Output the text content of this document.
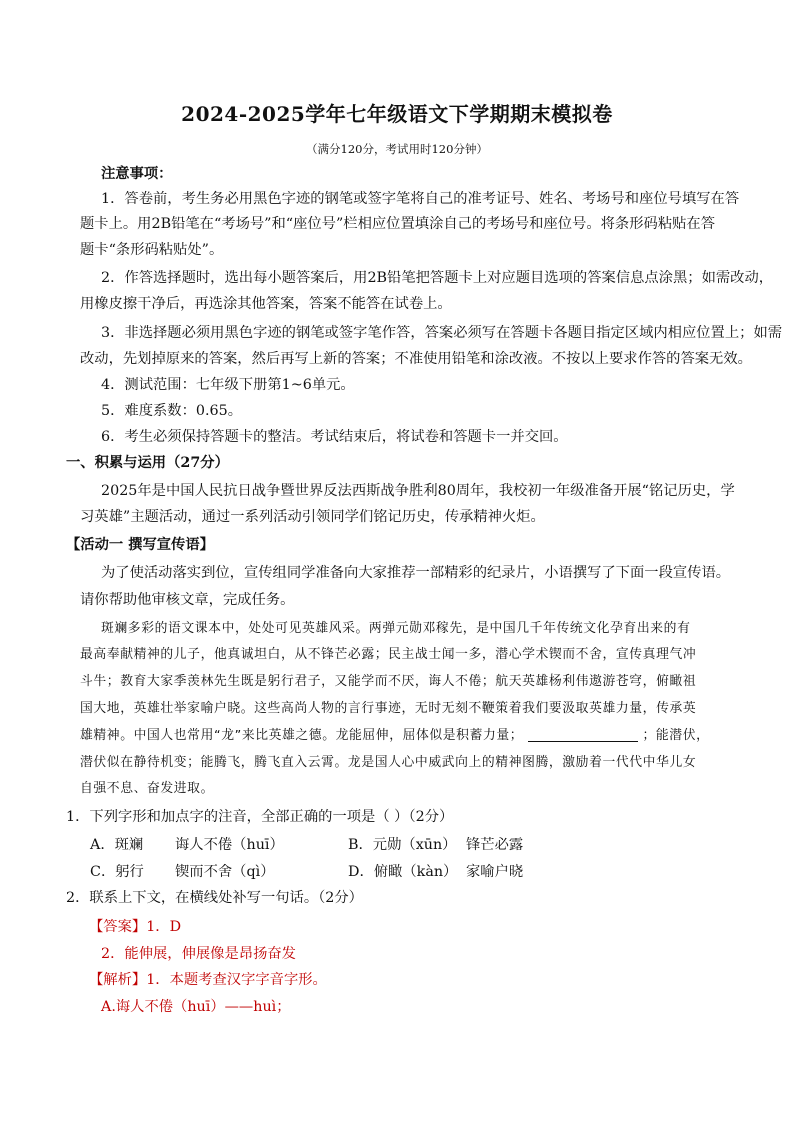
2024-2025学年七年级语文下学期期末模拟卷
（满分120分，考试用时120分钟）
注意事项：
1．答卷前，考生务必用黑色字迹的钢笔或签字笔将自己的准考证号、姓名、考场号和座位号填写在答
题卡上。用2B铅笔在“考场号”和“座位号”栏相应位置填涂自己的考场号和座位号。将条形码粘贴在答
题卡“条形码粘贴处”。
2．作答选择题时，选出每小题答案后，用2B铅笔把答题卡上对应题目选项的答案信息点涂黑；如需改动，
用橡皮擦干净后，再选涂其他答案，答案不能答在试卷上。
3．非选择题必须用黑色字迹的钢笔或签字笔作答，答案必须写在答题卡各题目指定区域内相应位置上；如需
改动，先划掉原来的答案，然后再写上新的答案；不准使用铅笔和涂改液。不按以上要求作答的答案无效。
4．测试范围：七年级下册第1~6单元。
5．难度系数：0.65。
6．考生必须保持答题卡的整洁。考试结束后，将试卷和答题卡一并交回。
一、积累与运用（27分）
2025年是中国人民抗日战争暨世界反法西斯战争胜利80周年，我校初一年级准备开展“铭记历史，学
习英雄”主题活动，通过一系列活动引领同学们铭记历史，传承精神火炬。
【活动一 撰写宣传语】
为了使活动落实到位，宣传组同学准备向大家推荐一部精彩的纪录片，小语撰写了下面一段宣传语。
请你帮助他审核文章，完成任务。
斑斓多彩的语文课本中，处处可见英雄风采。两弹元勋邓稼先，是中国几千年传统文化孕育出来的有
最高奉献精神的儿子，他真诚坦白，从不锋芒必露；民主战士闻一多，潜心学术锲而不舍，宣传真理气冲
斗牛；教育大家季羡林先生既是躬行君子，又能学而不厌，诲人不倦；航天英雄杨利伟遨游苍穹，俯瞰祖
国大地，英雄壮举家喻户晓。这些高尚人物的言行事迹，无时无刻不鞭策着我们要汲取英雄力量，传承英
雄精神。中国人也常用“龙”来比英雄之德。龙能屈伸，屈体似是积蓄力量；	；能潜伏，
潜伏似在静待机变；能腾飞，腾飞直入云霄。龙是国人心中威武向上的精神图腾，激励着一代代中华儿女
自强不息、奋发进取。
1．下列字形和加点字的注音，全部正确的一项是（ ）（2分）
A．斑斓 诲人不倦（huī）	B．元勋（xūn） 锋芒必露
C．躬行 锲而不舍（qì）	D．俯瞰（kàn） 家喻户晓
2．联系上下文，在横线处补写一句话。（2分）
【答案】1．D
2．能伸展，伸展像是昂扬奋发
【解析】1．本题考查汉字字音字形。
A.诲人不倦（huī）——huì；
